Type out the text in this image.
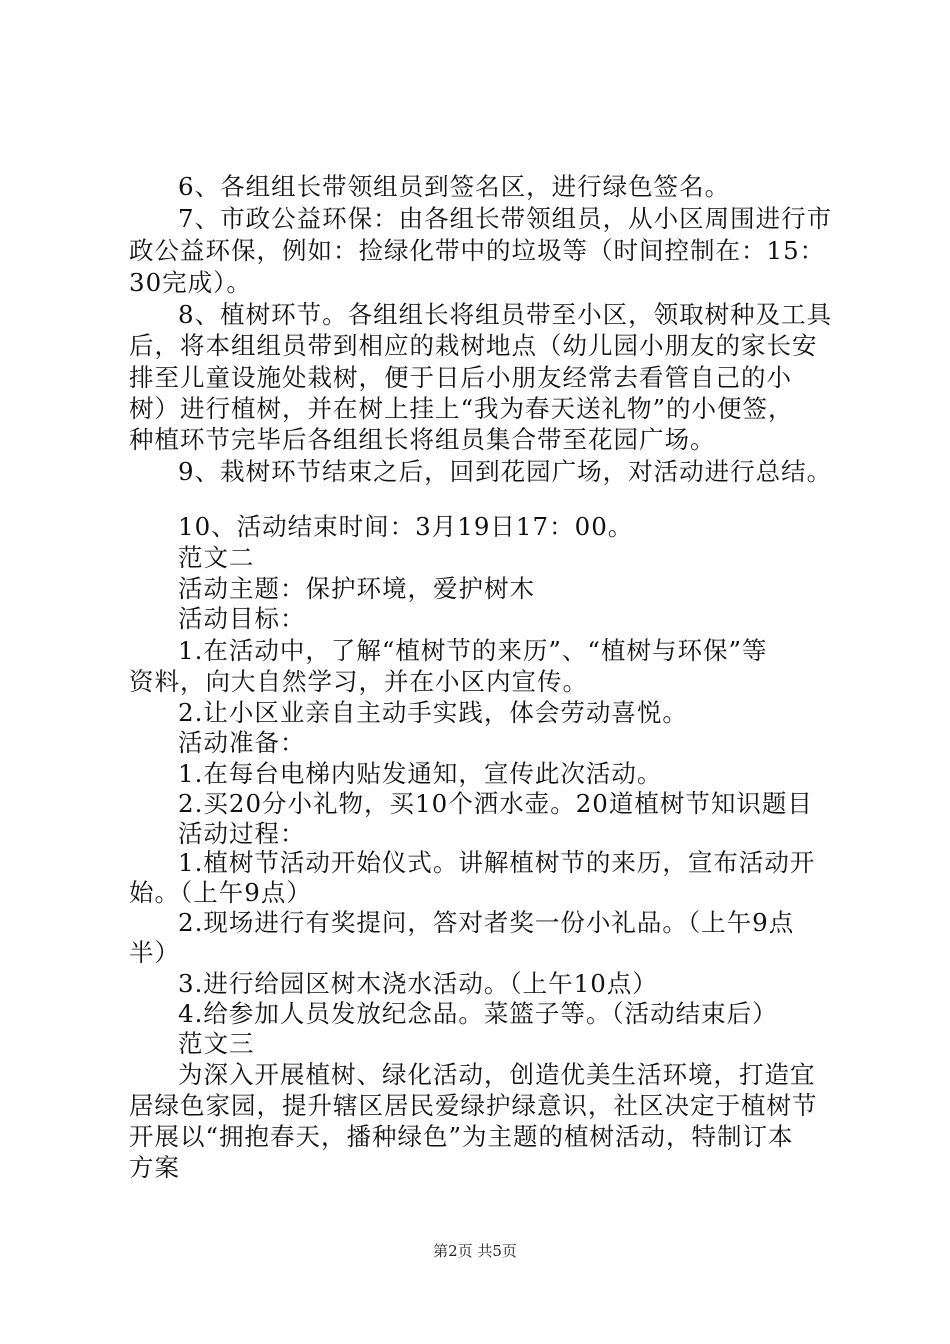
6、各组组长带领组员到签名区，进行绿色签名。
7、市政公益环保：由各组长带领组员，从小区周围进行市
政公益环保，例如：捡绿化带中的垃圾等（时间控制在：15：
30完成）。
8、植树环节。各组组长将组员带至小区，领取树种及工具
后，将本组组员带到相应的栽树地点（幼儿园小朋友的家长安
排至儿童设施处栽树，便于日后小朋友经常去看管自己的小
树）进行植树，并在树上挂上“我为春天送礼物”的小便签，
种植环节完毕后各组组长将组员集合带至花园广场。
9、栽树环节结束之后，回到花园广场，对活动进行总结。
10、活动结束时间：3月19日17：00。
范文二
活动主题：保护环境，爱护树木
活动目标：
1.在活动中，了解“植树节的来历”、“植树与环保”等
资料，向大自然学习，并在小区内宣传。
2.让小区业亲自主动手实践，体会劳动喜悦。
活动准备：
1.在每台电梯内贴发通知，宣传此次活动。
2.买20分小礼物，买10个洒水壶。20道植树节知识题目
活动过程：
1.植树节活动开始仪式。讲解植树节的来历，宣布活动开
始。（上午9点）
2.现场进行有奖提问，答对者奖一份小礼品。（上午9点
半）
3.进行给园区树木浇水活动。（上午10点）
4.给参加人员发放纪念品。菜篮子等。（活动结束后）
范文三
为深入开展植树、绿化活动，创造优美生活环境，打造宜
居绿色家园，提升辖区居民爱绿护绿意识，社区决定于植树节
开展以“拥抱春天，播种绿色”为主题的植树活动，特制订本
方案
第2页 共5页
